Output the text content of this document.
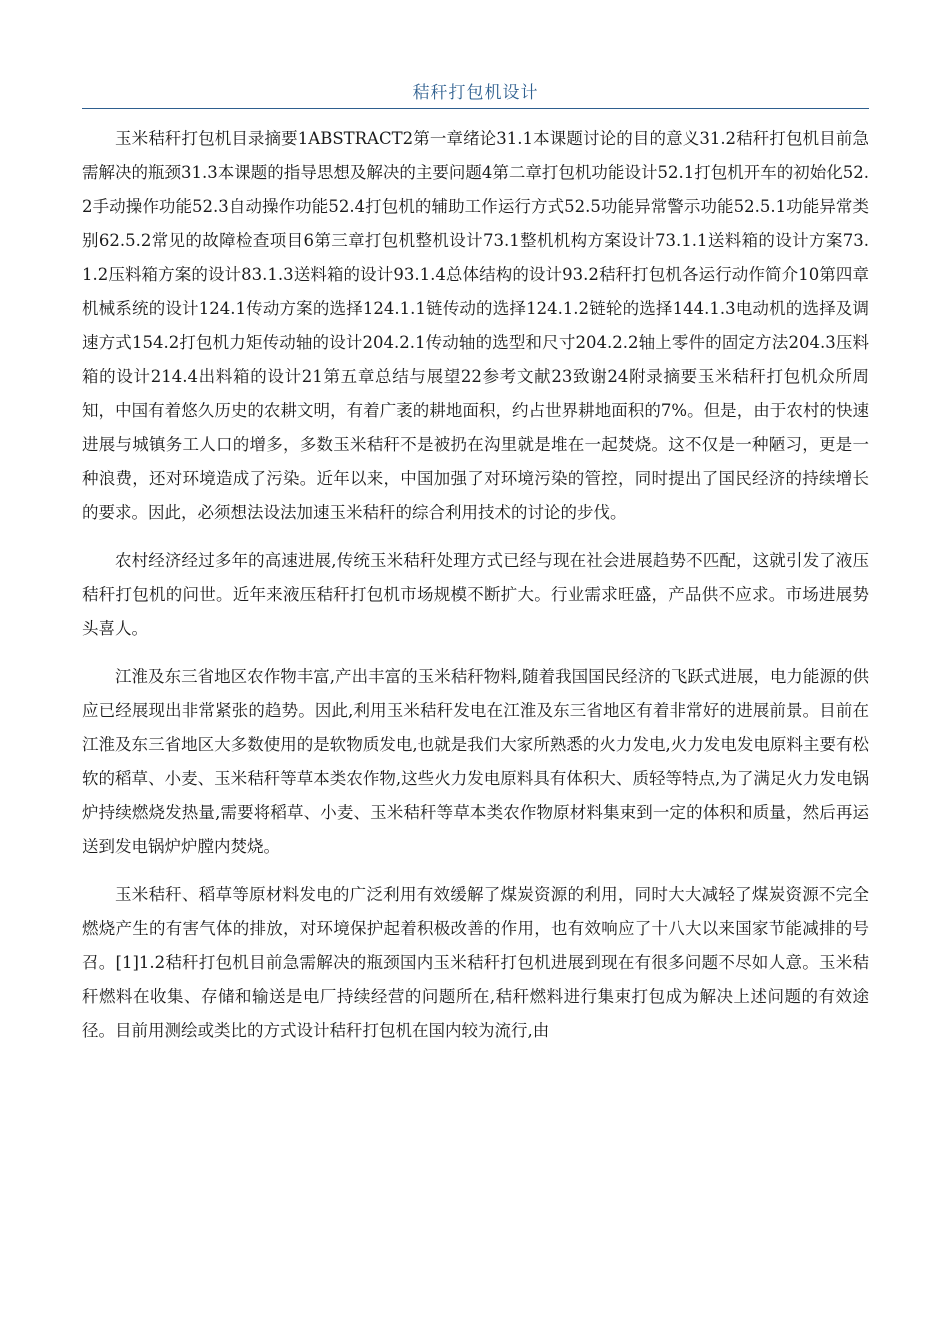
秸秆打包机设计

玉米秸秆打包机目录摘要1ABSTRACT2第一章绪论31.1本课题讨论的目的意义31.2秸秆打包机目前急需解决的瓶颈31.3本课题的指导思想及解决的主要问题4第二章打包机功能设计52.1打包机开车的初始化52.2手动操作功能52.3自动操作功能52.4打包机的辅助工作运行方式52.5功能异常警示功能52.5.1功能异常类别62.5.2常见的故障检查项目6第三章打包机整机设计73.1整机机构方案设计73.1.1送料箱的设计方案73.1.2压料箱方案的设计83.1.3送料箱的设计93.1.4总体结构的设计93.2秸秆打包机各运行动作简介10第四章机械系统的设计124.1传动方案的选择124.1.1链传动的选择124.1.2链轮的选择144.1.3电动机的选择及调速方式154.2打包机力矩传动轴的设计204.2.1传动轴的选型和尺寸204.2.2轴上零件的固定方法204.3压料箱的设计214.4出料箱的设计21第五章总结与展望22参考文献23致谢24附录摘要玉米秸秆打包机众所周知，中国有着悠久历史的农耕文明，有着广袤的耕地面积，约占世界耕地面积的7%。但是，由于农村的快速进展与城镇务工人口的增多，多数玉米秸秆不是被扔在沟里就是堆在一起焚烧。这不仅是一种陋习，更是一种浪费，还对环境造成了污染。近年以来，中国加强了对环境污染的管控，同时提出了国民经济的持续增长的要求。因此，必须想法设法加速玉米秸秆的综合利用技术的讨论的步伐。

农村经济经过多年的高速进展,传统玉米秸秆处理方式已经与现在社会进展趋势不匹配，这就引发了液压秸秆打包机的问世。近年来液压秸秆打包机市场规模不断扩大。行业需求旺盛，产品供不应求。市场进展势头喜人。

江淮及东三省地区农作物丰富,产出丰富的玉米秸秆物料,随着我国国民经济的飞跃式进展，电力能源的供应已经展现出非常紧张的趋势。因此,利用玉米秸秆发电在江淮及东三省地区有着非常好的进展前景。目前在江淮及东三省地区大多数使用的是软物质发电,也就是我们大家所熟悉的火力发电,火力发电发电原料主要有松软的稻草、小麦、玉米秸秆等草本类农作物,这些火力发电原料具有体积大、质轻等特点,为了满足火力发电锅炉持续燃烧发热量,需要将稻草、小麦、玉米秸秆等草本类农作物原材料集束到一定的体积和质量，然后再运送到发电锅炉炉膛内焚烧。

玉米秸秆、稻草等原材料发电的广泛利用有效缓解了煤炭资源的利用，同时大大减轻了煤炭资源不完全燃烧产生的有害气体的排放，对环境保护起着积极改善的作用，也有效响应了十八大以来国家节能减排的号召。[1]1.2秸秆打包机目前急需解决的瓶颈国内玉米秸秆打包机进展到现在有很多问题不尽如人意。玉米秸秆燃料在收集、存储和输送是电厂持续经营的问题所在,秸秆燃料进行集束打包成为解决上述问题的有效途径。目前用测绘或类比的方式设计秸秆打包机在国内较为流行,由
